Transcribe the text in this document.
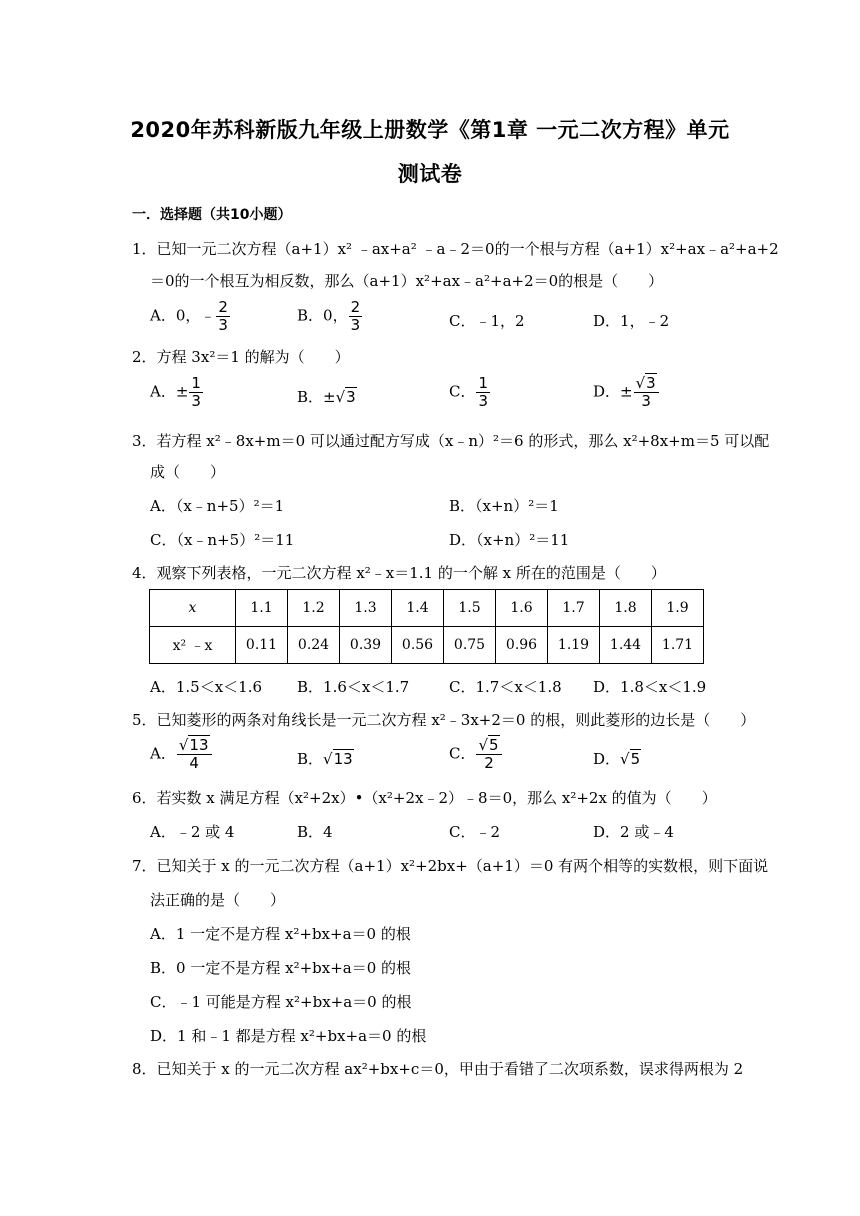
2020年苏科新版九年级上册数学《第1章 一元二次方程》单元
测试卷
一．选择题（共10小题）
1．已知一元二次方程（a+1）x² ﹣ax+a² ﹣a﹣2＝0的一个根与方程（a+1）x²+ax﹣a²+a+2
＝0的一个根互为相反数，那么（a+1）x²+ax﹣a²+a+2＝0的根是（　　）
A．0，﹣ $\frac{2}{3}$	B．0， $\frac{2}{3}$	C．﹣1，2	D．1，﹣2
2．方程 3x²＝1 的解为（　　）
A．± $\frac{1}{3}$	B．±√3	C． $\frac{1}{3}$	D．± $\frac{√3}{3}$
3．若方程 x²﹣8x+m＝0 可以通过配方写成（x﹣n）²＝6 的形式，那么 x²+8x+m＝5 可以配
成（　　）
A．（x﹣n+5）²＝1	B．（x+n）²＝1
C．（x﹣n+5）²＝11	D．（x+n）²＝11
4．观察下列表格，一元二次方程 x²﹣x＝1.1 的一个解 x 所在的范围是（　　）
x	1.1	1.2	1.3	1.4	1.5	1.6	1.7	1.8	1.9
x² ﹣x	0.11	0.24	0.39	0.56	0.75	0.96	1.19	1.44	1.71
A．1.5＜x＜1.6 B．1.6＜x＜1.7	C．1.7＜x＜1.8 D．1.8＜x＜1.9
5．已知菱形的两条对角线长是一元二次方程 x²﹣3x+2＝0 的根，则此菱形的边长是（　　）
A． $\frac{√13}{4}$	B．√13	C． $\frac{√5}{2}$	D．√5
6．若实数 x 满足方程（x²+2x）•（x²+2x﹣2）﹣8＝0，那么 x²+2x 的值为（　　）
A．﹣2 或 4	B．4	C．﹣2	D．2 或﹣4
7．已知关于 x 的一元二次方程（a+1）x²+2bx+（a+1）＝0 有两个相等的实数根，则下面说
法正确的是（　　）
A．1 一定不是方程 x²+bx+a＝0 的根
B．0 一定不是方程 x²+bx+a＝0 的根
C．﹣1 可能是方程 x²+bx+a＝0 的根
D．1 和﹣1 都是方程 x²+bx+a＝0 的根
8．已知关于 x 的一元二次方程 ax²+bx+c＝0，甲由于看错了二次项系数，误求得两根为 2
